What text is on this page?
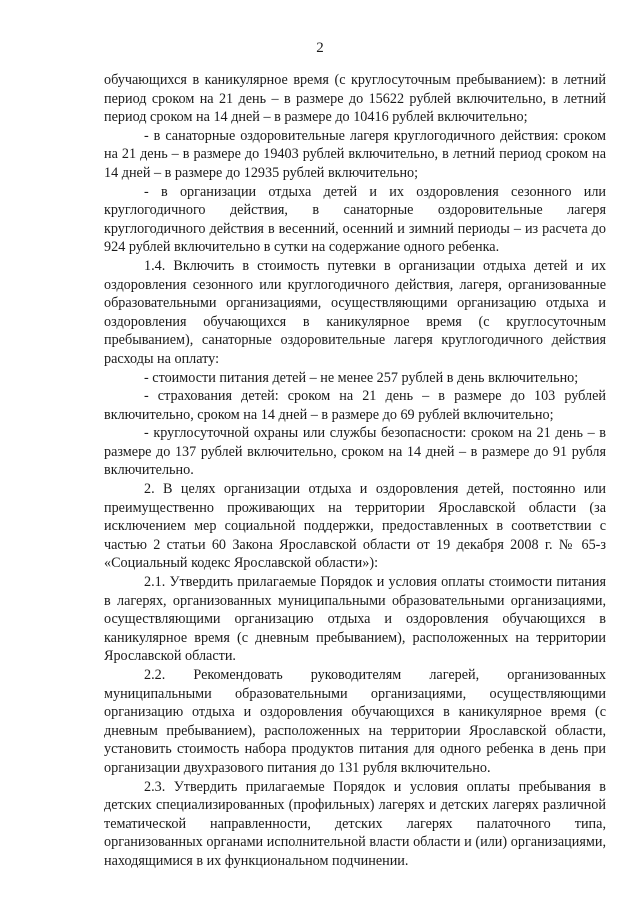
2

обучающихся в каникулярное время (с круглосуточным пребыванием): в летний период сроком на 21 день – в размере до 15622 рублей включительно, в летний период сроком на 14 дней – в размере до 10416 рублей включительно;

- в санаторные оздоровительные лагеря круглогодичного действия: сроком на 21 день – в размере до 19403 рублей включительно, в летний период сроком на 14 дней – в размере до 12935 рублей включительно;

- в организации отдыха детей и их оздоровления сезонного или круглогодичного действия, в санаторные оздоровительные лагеря круглогодичного действия в весенний, осенний и зимний периоды – из расчета до 924 рублей включительно в сутки на содержание одного ребенка.

1.4. Включить в стоимость путевки в организации отдыха детей и их оздоровления сезонного или круглогодичного действия, лагеря, организованные образовательными организациями, осуществляющими организацию отдыха и оздоровления обучающихся в каникулярное время (с круглосуточным пребыванием), санаторные оздоровительные лагеря круглогодичного действия расходы на оплату:

- стоимости питания детей – не менее 257 рублей в день включительно;

- страхования детей: сроком на 21 день – в размере до 103 рублей включительно, сроком на 14 дней – в размере до 69 рублей включительно;

- круглосуточной охраны или службы безопасности: сроком на 21 день – в размере до 137 рублей включительно, сроком на 14 дней – в размере до 91 рубля включительно.

2. В целях организации отдыха и оздоровления детей, постоянно или преимущественно проживающих на территории Ярославской области (за исключением мер социальной поддержки, предоставленных в соответствии с частью 2 статьи 60 Закона Ярославской области от 19 декабря 2008 г. № 65-з «Социальный кодекс Ярославской области»):

2.1. Утвердить прилагаемые Порядок и условия оплаты стоимости питания в лагерях, организованных муниципальными образовательными организациями, осуществляющими организацию отдыха и оздоровления обучающихся в каникулярное время (с дневным пребыванием), расположенных на территории Ярославской области.

2.2. Рекомендовать руководителям лагерей, организованных муниципальными образовательными организациями, осуществляющими организацию отдыха и оздоровления обучающихся в каникулярное время (с дневным пребыванием), расположенных на территории Ярославской области, установить стоимость набора продуктов питания для одного ребенка в день при организации двухразового питания до 131 рубля включительно.

2.3. Утвердить прилагаемые Порядок и условия оплаты пребывания в детских специализированных (профильных) лагерях и детских лагерях различной тематической направленности, детских лагерях палаточного типа, организованных органами исполнительной власти области и (или) организациями, находящимися в их функциональном подчинении.
